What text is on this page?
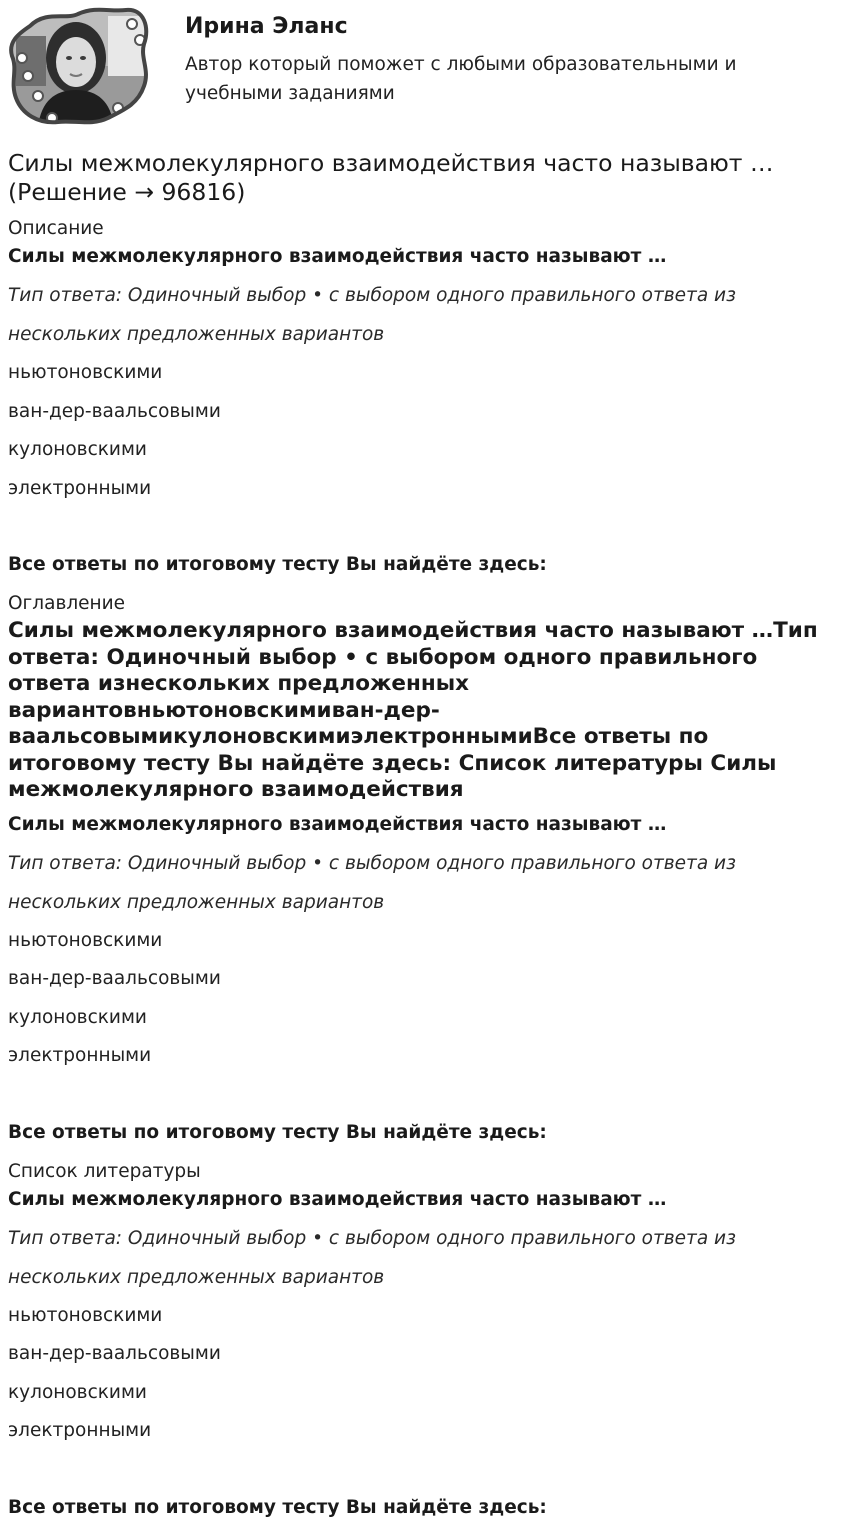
Ирина Эланс
Автор который поможет с любыми образовательными и учебными заданиями
Силы межмолекулярного взаимодействия часто называют … (Решение → 96816)
Описание
Силы межмолекулярного взаимодействия часто называют …
Тип ответа: Одиночный выбор • с выбором одного правильного ответа из нескольких предложенных вариантов
ньютоновскими
ван-дер-ваальсовыми
кулоновскими
электронными
Все ответы по итоговому тесту Вы найдёте здесь:
Оглавление
Силы межмолекулярного взаимодействия часто называют …Тип ответа: Одиночный выбор • с выбором одного правильного ответа изнескольких предложенных вариантовньютоновскимиван-дер-ваальсовымикулоновскимиэлектроннымиВсе ответы по итоговому тесту Вы найдёте здесь: Список литературы Силы межмолекулярного взаимодействия
Силы межмолекулярного взаимодействия часто называют …
Тип ответа: Одиночный выбор • с выбором одного правильного ответа из нескольких предложенных вариантов
ньютоновскими
ван-дер-ваальсовыми
кулоновскими
электронными
Все ответы по итоговому тесту Вы найдёте здесь:
Список литературы
Силы межмолекулярного взаимодействия часто называют …
Тип ответа: Одиночный выбор • с выбором одного правильного ответа из нескольких предложенных вариантов
ньютоновскими
ван-дер-ваальсовыми
кулоновскими
электронными
Все ответы по итоговому тесту Вы найдёте здесь:
